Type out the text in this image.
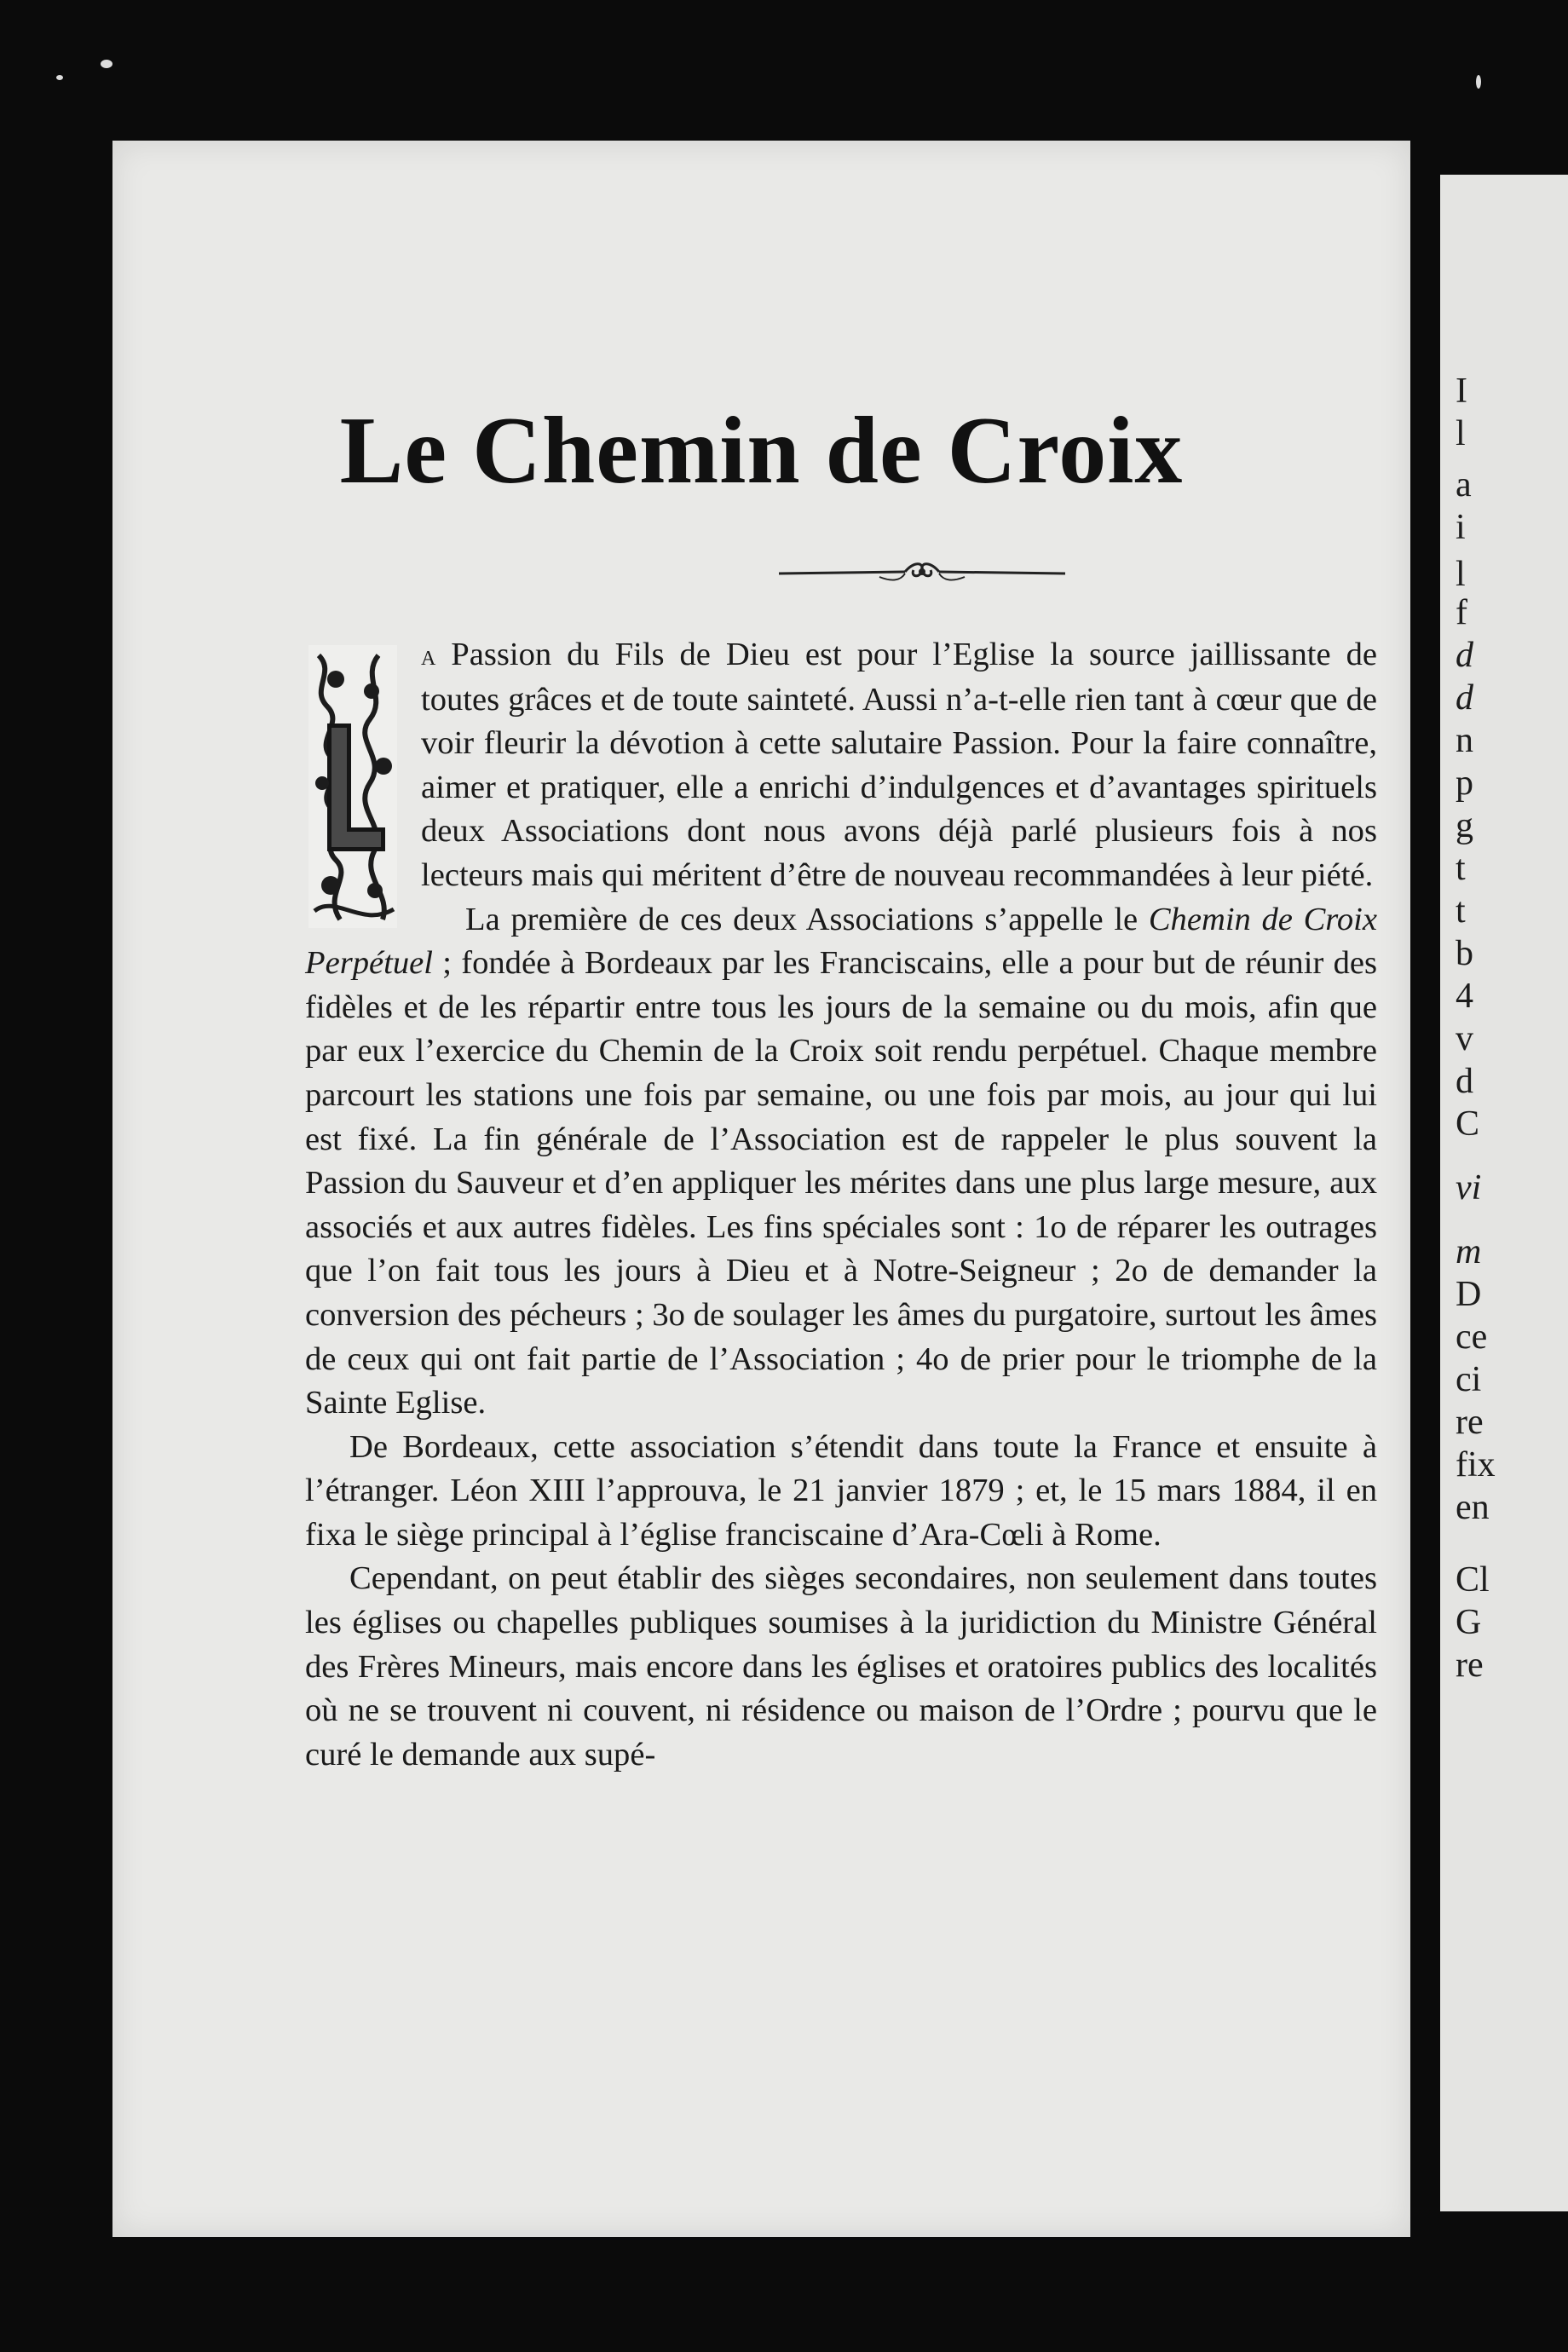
Le Chemin de Croix

a Passion du Fils de Dieu est pour l’Eglise la source jaillissante de toutes grâces et de toute sainteté. Aussi n’a-t-elle rien tant à cœur que de voir fleurir la dévotion à cette salutaire Passion. Pour la faire connaître, aimer et pratiquer, elle a enrichi d’indulgences et d’avantages spirituels deux Associations dont nous avons déjà parlé plusieurs fois à nos lecteurs mais qui méritent d’être de nouveau recommandées à leur piété.

La première de ces deux Associations s’appelle le Chemin de Croix Perpétuel ; fondée à Bordeaux par les Franciscains, elle a pour but de réunir des fidèles et de les répartir entre tous les jours de la semaine ou du mois, afin que par eux l’exercice du Chemin de la Croix soit rendu perpétuel. Chaque membre parcourt les stations une fois par semaine, ou une fois par mois, au jour qui lui est fixé. La fin générale de l’Association est de rappeler le plus souvent la Passion du Sauveur et d’en appliquer les mérites dans une plus large mesure, aux associés et aux autres fidèles. Les fins spéciales sont : 1o de réparer les outrages que l’on fait tous les jours à Dieu et à Notre-Seigneur ; 2o de demander la conversion des pécheurs ; 3o de soulager les âmes du purgatoire, surtout les âmes de ceux qui ont fait partie de l’Association ; 4o de prier pour le triomphe de la Sainte Eglise.

De Bordeaux, cette association s’étendit dans toute la France et ensuite à l’étranger. Léon XIII l’approuva, le 21 janvier 1879 ; et, le 15 mars 1884, il en fixa le siège principal à l’église franciscaine d’Ara-Cœli à Rome.

Cependant, on peut établir des sièges secondaires, non seulement dans toutes les églises ou chapelles publiques soumises à la juridiction du Ministre Général des Frères Mineurs, mais encore dans les églises et oratoires publics des localités où ne se trouvent ni couvent, ni résidence ou maison de l’Ordre ; pourvu que le curé le demande aux supé-

I
l
a
i
l
f
d
d
n
p
g
t
t
b
4
v
d
C
vi
m
D
ce
ci
re
fix
en
Cl
G
re
